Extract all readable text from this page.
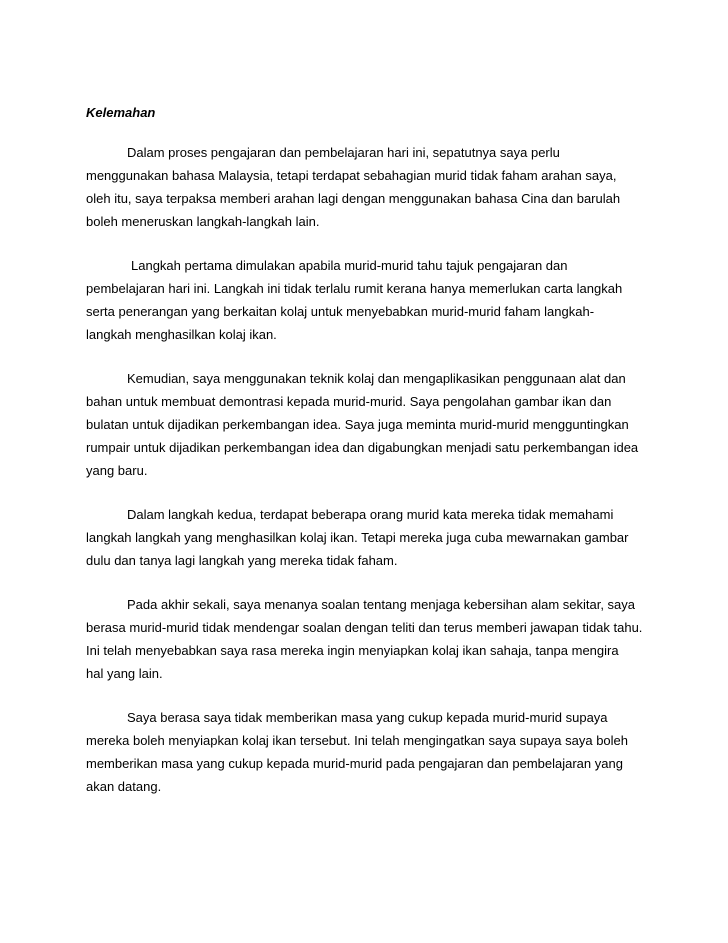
Kelemahan
Dalam proses pengajaran dan pembelajaran hari ini, sepatutnya saya perlu
menggunakan bahasa Malaysia, tetapi terdapat sebahagian murid tidak faham arahan saya,
oleh itu, saya terpaksa memberi arahan lagi dengan menggunakan bahasa Cina dan barulah
boleh meneruskan langkah-langkah lain.
Langkah pertama dimulakan apabila murid-murid tahu tajuk pengajaran dan
pembelajaran hari ini. Langkah ini tidak terlalu rumit kerana hanya memerlukan carta langkah
serta penerangan yang berkaitan kolaj untuk menyebabkan murid-murid faham langkah-
langkah menghasilkan kolaj ikan.
Kemudian, saya menggunakan teknik kolaj dan mengaplikasikan penggunaan alat dan
bahan untuk membuat demontrasi kepada murid-murid. Saya pengolahan gambar ikan dan
bulatan untuk dijadikan perkembangan idea. Saya juga meminta murid-murid mengguntingkan
rumpair untuk dijadikan perkembangan idea dan digabungkan menjadi satu perkembangan idea
yang baru.
Dalam langkah kedua, terdapat beberapa orang murid kata mereka tidak memahami
langkah langkah yang menghasilkan kolaj ikan. Tetapi mereka juga cuba mewarnakan gambar
dulu dan tanya lagi langkah yang mereka tidak faham.
Pada akhir sekali, saya menanya soalan tentang menjaga kebersihan alam sekitar, saya
berasa murid-murid tidak mendengar soalan dengan teliti dan terus memberi jawapan tidak tahu.
Ini telah menyebabkan saya rasa mereka ingin menyiapkan kolaj ikan sahaja, tanpa mengira
hal yang lain.
Saya berasa saya tidak memberikan masa yang cukup kepada murid-murid supaya
mereka boleh menyiapkan kolaj ikan tersebut. Ini telah mengingatkan saya supaya saya boleh
memberikan masa yang cukup kepada murid-murid pada pengajaran dan pembelajaran yang
akan datang.
